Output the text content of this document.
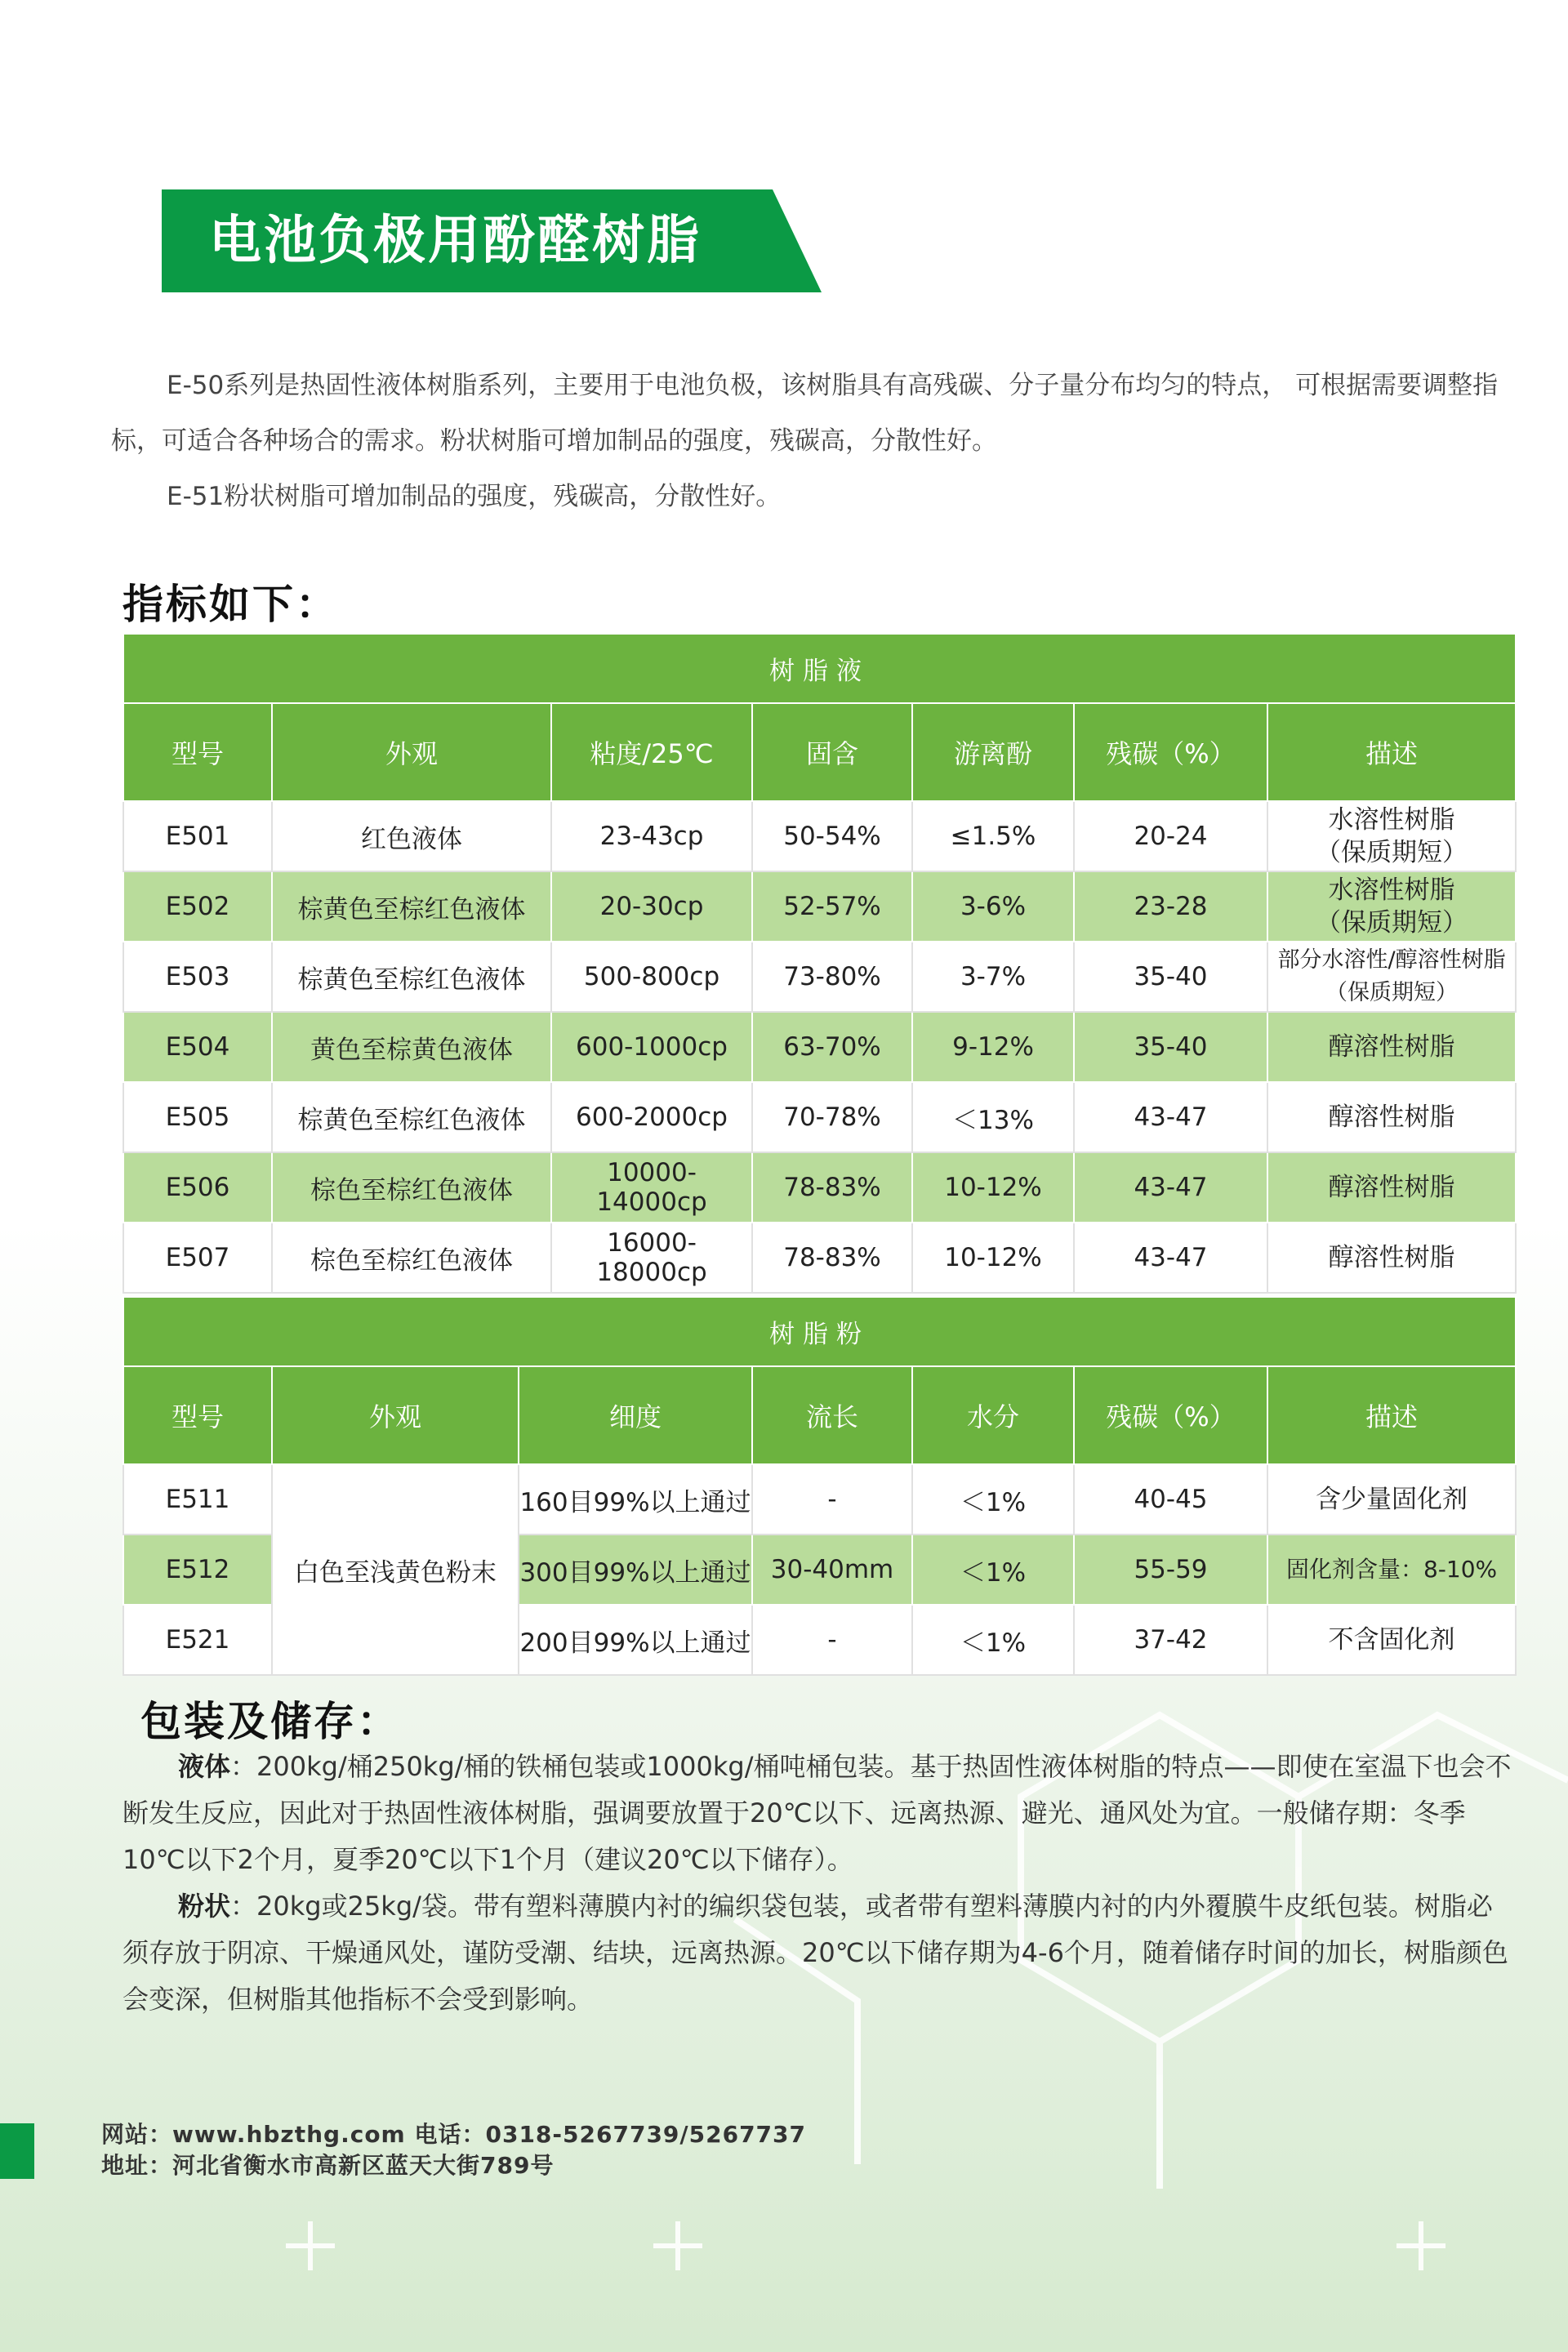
电池负极用酚醛树脂

E-50系列是热固性液体树脂系列，主要用于电池负极，该树脂具有高残碳、分子量分布均匀的特点， 可根据需要调整指标，可适合各种场合的需求。粉状树脂可增加制品的强度，残碳高，分散性好。

E-51粉状树脂可增加制品的强度，残碳高，分散性好。

指标如下：
树脂液						
型号	外观	粘度/25℃	固含	游离酚	残碳（%）	描述
E501	红色液体	23-43cp	50-54%	≤1.5%	20-24	水溶性树脂
（保质期短）

E502	棕黄色至棕红色液体	20-30cp	52-57%	3-6%	23-28	水溶性树脂
（保质期短）

E503	棕黄色至棕红色液体	500-800cp	73-80%	3-7%	35-40	部分水溶性/醇溶性树脂
（保质期短）

E504	黄色至棕黄色液体	600-1000cp	63-70%	9-12%	35-40	醇溶性树脂
E505	棕黄色至棕红色液体	600-2000cp	70-78%	＜13%	43-47	醇溶性树脂
E506	棕色至棕红色液体	10000-14000cp	78-83%	10-12%	43-47	醇溶性树脂
E507	棕色至棕红色液体	16000-18000cp	78-83%	10-12%	43-47	醇溶性树脂
树脂粉						
型号	外观	细度	流长	水分	残碳（%）	描述
E511	白色至浅黄色粉末	160目99%以上通过	-	＜1%	40-45	含少量固化剂
E512		300目99%以上通过	30-40mm	＜1%	55-59	固化剂含量：8-10%
E521		200目99%以上通过	-	＜1%	37-42	不含固化剂
包装及储存：

液体：200kg/桶250kg/桶的铁桶包装或1000kg/桶吨桶包装。基于热固性液体树脂的特点——即使在室温下也会不断发生反应，因此对于热固性液体树脂，强调要放置于20℃以下、远离热源、避光、通风处为宜。一般储存期：冬季10℃以下2个月，夏季20℃以下1个月（建议20℃以下储存）。

粉状：20kg或25kg/袋。带有塑料薄膜内衬的编织袋包装，或者带有塑料薄膜内衬的内外覆膜牛皮纸包装。树脂必须存放于阴凉、干燥通风处，谨防受潮、结块，远离热源。20℃以下储存期为4-6个月，随着储存时间的加长，树脂颜色会变深，但树脂其他指标不会受到影响。

网站：www.hbzthg.com 电话：0318-5267739/5267737
地址：河北省衡水市高新区蓝天大街789号
